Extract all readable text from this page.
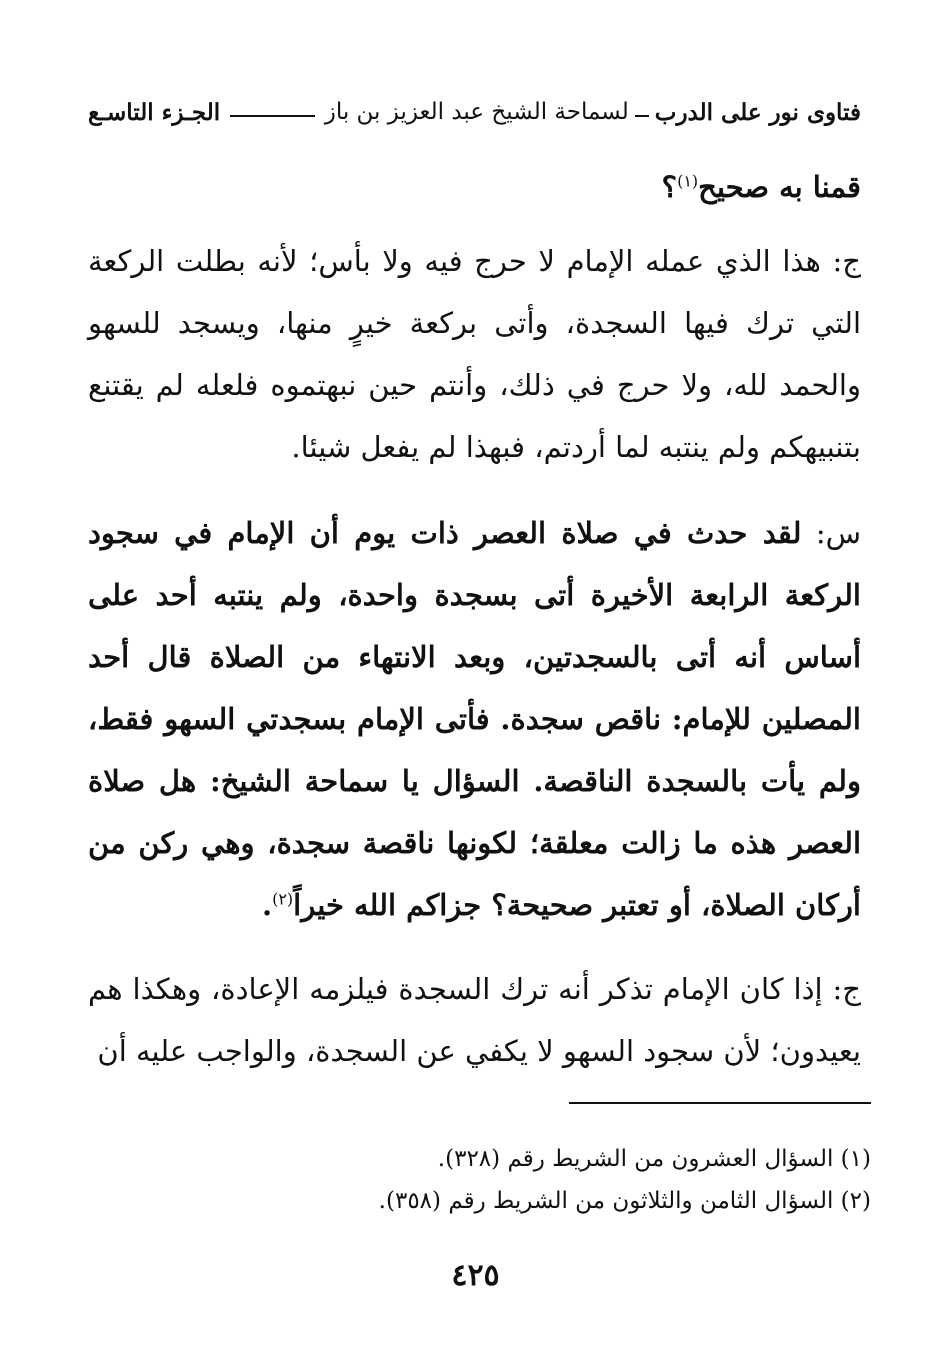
فتاوى نور على الدرب
لسماحة الشيخ عبد العزيز بن باز
الجـزء التاسـع
قمنا به صحيح$^{(١)}$؟
ج: هذا الذي عمله الإمام لا حرج فيه ولا بأس؛ لأنه بطلت الركعة التي ترك فيها السجدة، وأتى بركعة خيرٍ منها، ويسجد للسهو والحمد لله، ولا حرج في ذلك، وأنتم حين نبهتموه فلعله لم يقتنع بتنبيهكم ولم ينتبه لما أردتم، فبهذا لم يفعل شيئا.
س: لقد حدث في صلاة العصر ذات يوم أن الإمام في سجود الركعة الرابعة الأخيرة أتى بسجدة واحدة، ولم ينتبه أحد على أساس أنه أتى بالسجدتين، وبعد الانتهاء من الصلاة قال أحد المصلين للإمام: ناقص سجدة. فأتى الإمام بسجدتي السهو فقط، ولم يأت بالسجدة الناقصة. السؤال يا سماحة الشيخ: هل صلاة العصر هذه ما زالت معلقة؛ لكونها ناقصة سجدة، وهي ركن من أركان الصلاة، أو تعتبر صحيحة؟ جزاكم الله خيراً$^{(٢)}$.
ج: إذا كان الإمام تذكر أنه ترك السجدة فيلزمه الإعادة، وهكذا هم يعيدون؛ لأن سجود السهو لا يكفي عن السجدة، والواجب عليه أن
(١) السؤال العشرون من الشريط رقم (٣٢٨).
(٢) السؤال الثامن والثلاثون من الشريط رقم (٣٥٨).
٤٢٥
